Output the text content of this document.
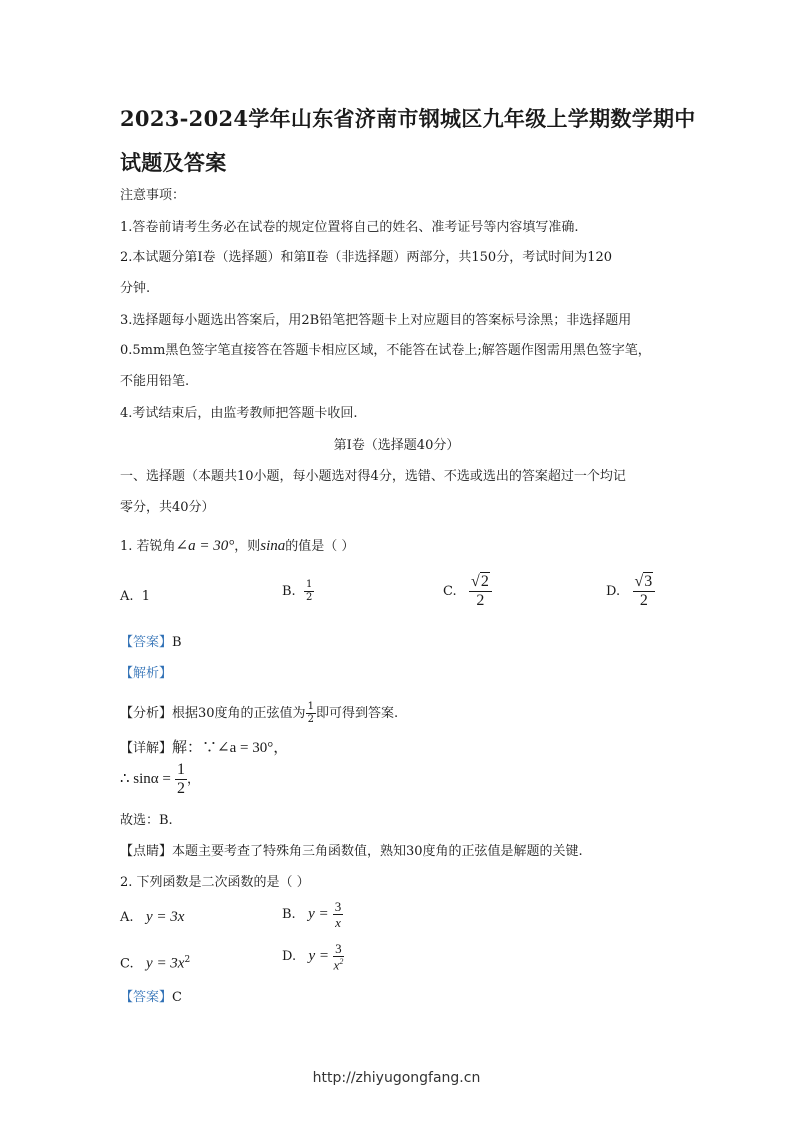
2023-2024学年山东省济南市钢城区九年级上学期数学期中
试题及答案
注意事项：
1.答卷前请考生务必在试卷的规定位置将自己的姓名、准考证号等内容填写准确.
2.本试题分第Ⅰ卷（选择题）和第Ⅱ卷（非选择题）两部分，共150分，考试时间为120
分钟.
3.选择题每小题选出答案后，用2B铅笔把答题卡上对应题目的答案标号涂黑；非选择题用
0.5mm黑色签字笔直接答在答题卡相应区域，不能答在试卷上;解答题作图需用黑色签字笔，
不能用铅笔.
4.考试结束后，由监考教师把答题卡收回.
第Ⅰ卷（选择题40分）
一、选择题（本题共10小题，每小题选对得4分，选错、不选或选出的答案超过一个均记
零分，共40分）
1. 若锐角∠a = 30°，则sina的值是（ ）
A. 1	B. $\frac{1}{2}$	C. $\frac{√2}{2}$	D. $\frac{√3}{2}$
【答案】B
【解析】
【分析】根据30度角的正弦值为 $\frac{1}{2}$ 即可得到答案.
【详解】解：∵∠a = 30°，
∴ $\sin\alpha = \frac{1}{2}$ ，
故选：B.
【点睛】本题主要考查了特殊角三角函数值，熟知30度角的正弦值是解题的关键.
2. 下列函数是二次函数的是（ ）
A. y = 3x	B. $y = \frac{3}{x}$
C. $y = 3x^2$	D. $y = \frac{3}{x^2}$
【答案】C
http://zhiyugongfang.cn
